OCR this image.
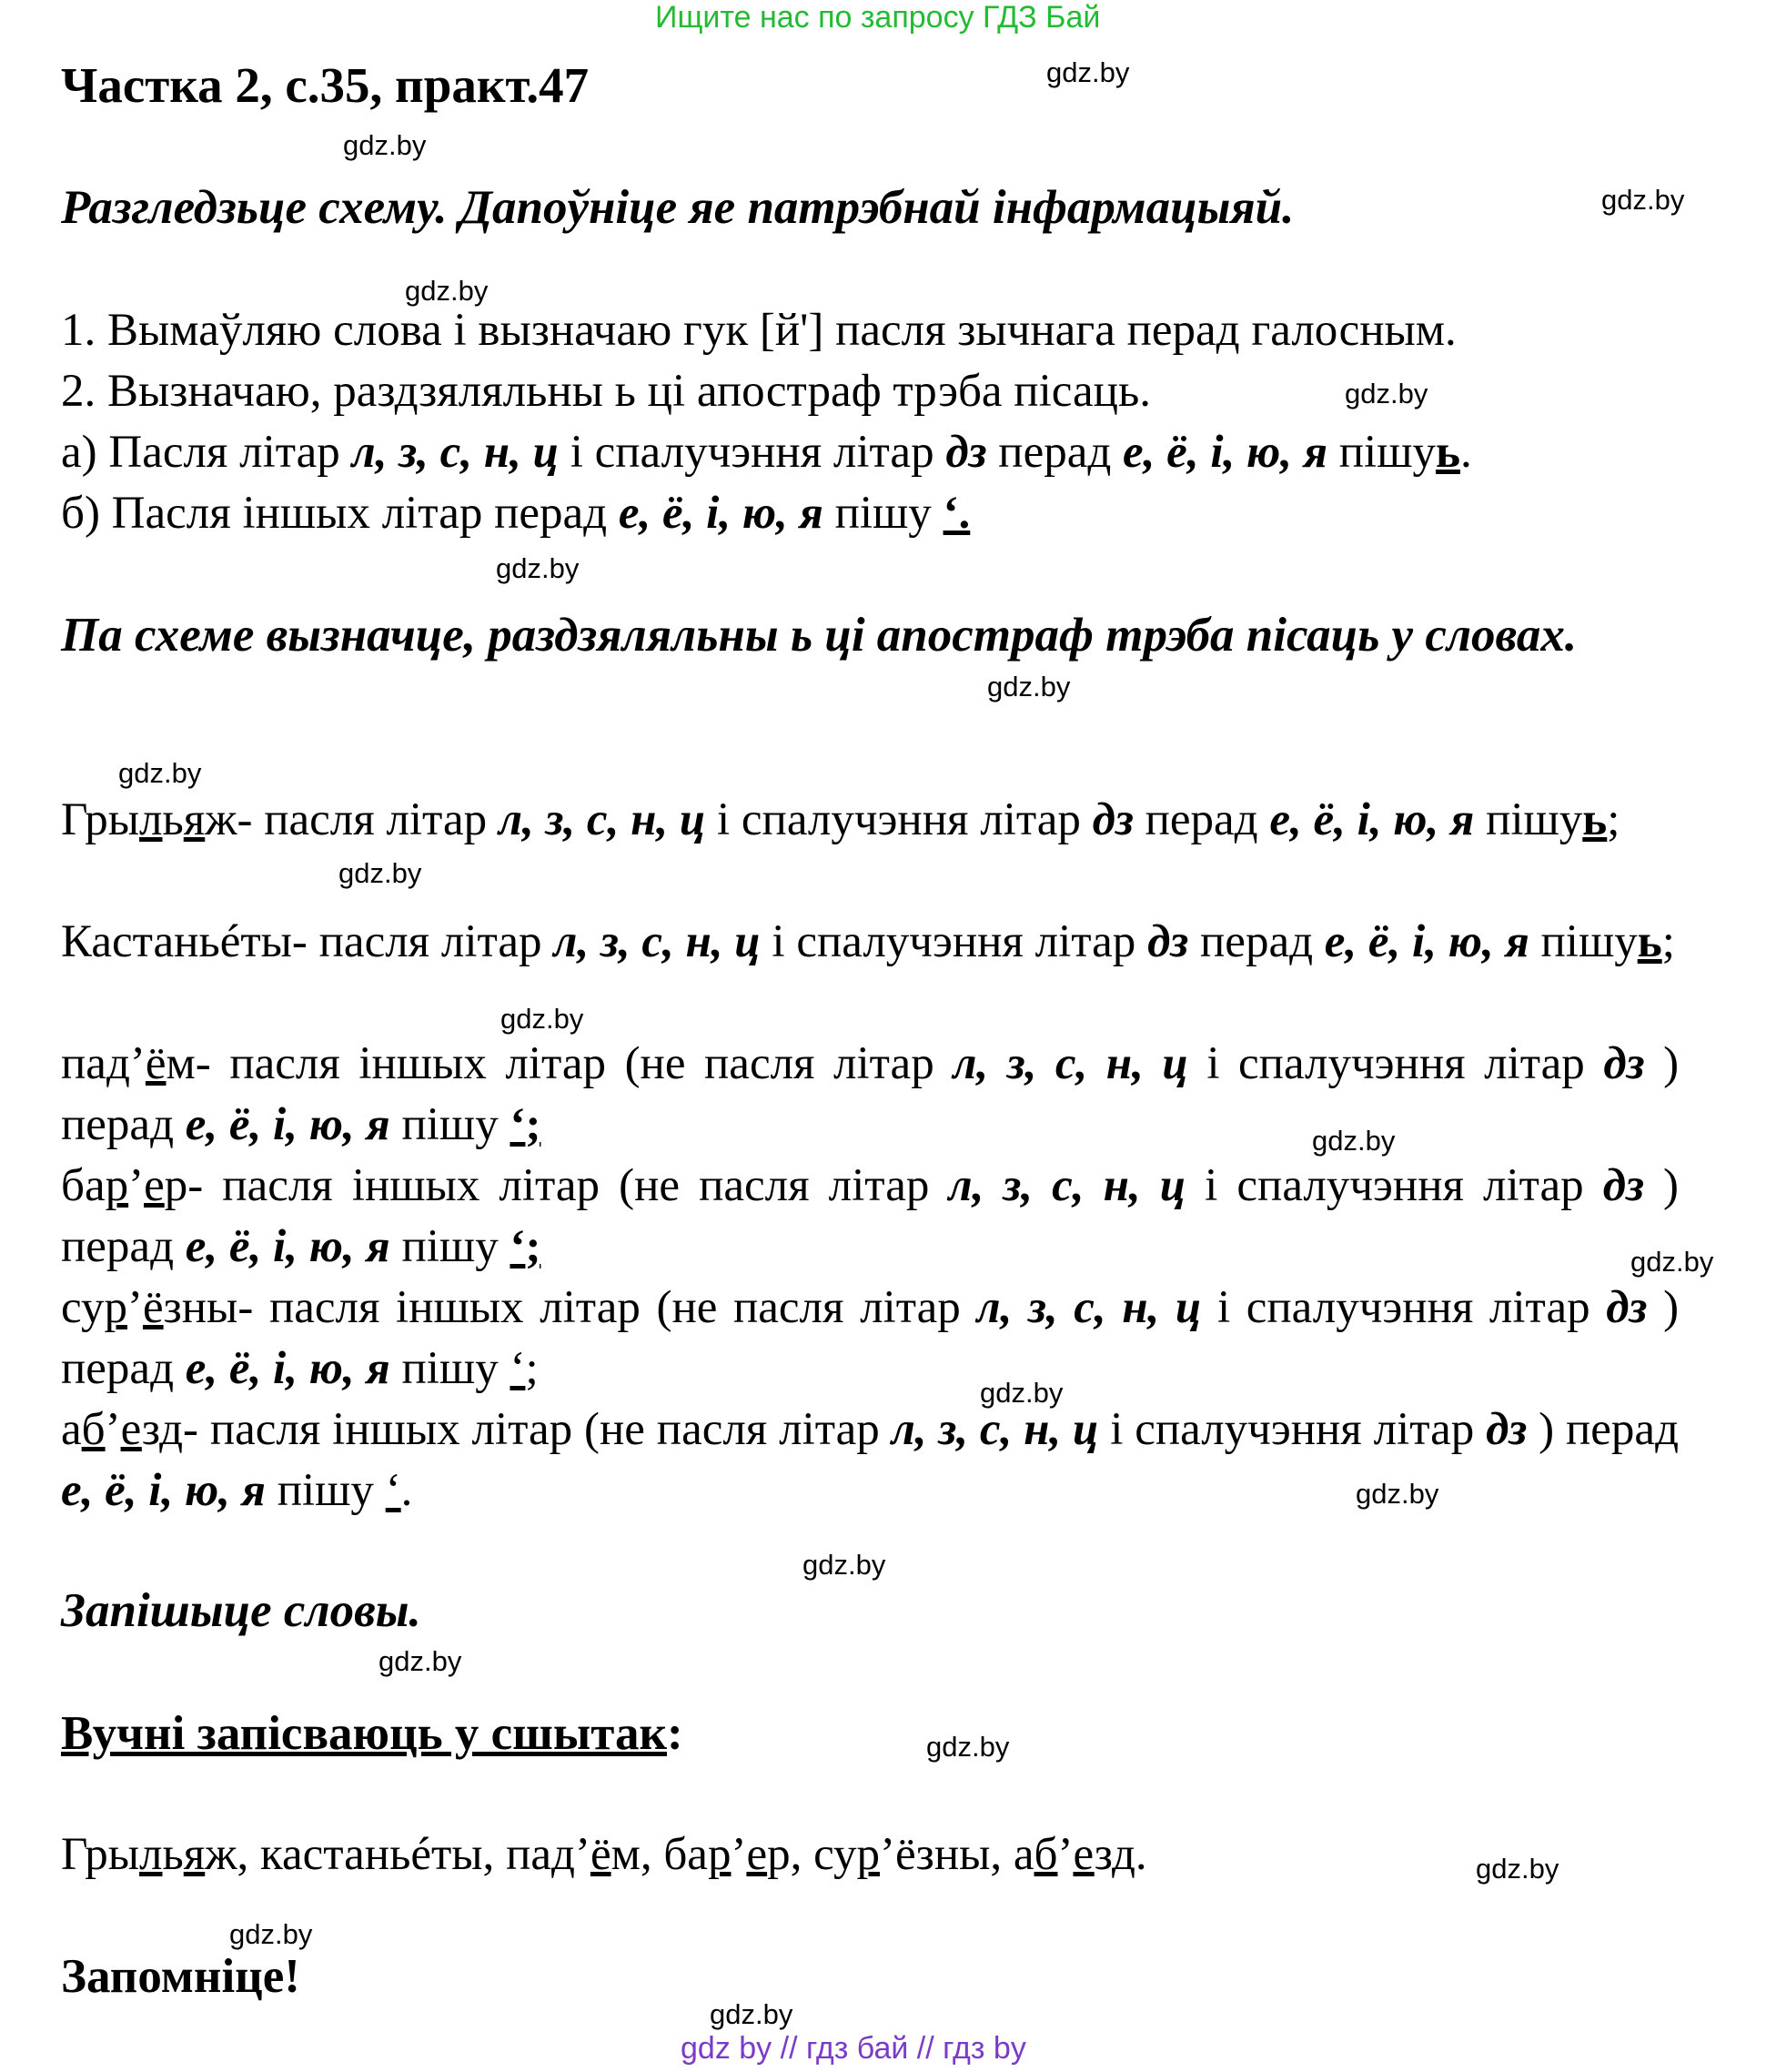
Ищите нас по запросу ГДЗ Бай
Частка 2, с.35, практ.47	gdz.by
gdz.by
gdz.by
gdz.by
gdz.by
gdz.by
gdz.by
gdz.by
gdz.by
gdz.by
gdz.by
gdz.by
gdz.by
gdz.by
gdz.by
gdz.by
gdz.by
gdz.by
gdz.by
gdz.by
Разгледзьце схему. Дапоўніце яе патрэбнай інфармацыяй.
1. Вымаўляю слова і вызначаю гук [й'] пасля зычнага перад галосным.
2. Вызначаю, раздзяляльны ь ці апостраф трэба пісаць.
а) Пасля літар л, з, с, н, ц і спалучэння літар дз перад е, ё, і, ю, я пішуь.
б) Пасля іншых літар перад е, ё, і, ю, я пішу ‘.
Па схеме вызначце, раздзяляльны ь ці апостраф трэба пісаць у словах.
Грыльяж- пасля літар л, з, с, н, ц і спалучэння літар дз перад е, ё, і, ю, я пішуь;
Кастаньéты- пасля літар л, з, с, н, ц і спалучэння літар дз перад е, ё, і, ю, я пішуь;
пад’ём- пасля іншых літар (не пасля літар л, з, с, н, ц і спалучэння літар дз ) перад е, ё, і, ю, я пішу ‘;
бар’ер- пасля іншых літар (не пасля літар л, з, с, н, ц і спалучэння літар дз ) перад е, ё, і, ю, я пішу ‘;
сур’ёзны- пасля іншых літар (не пасля літар л, з, с, н, ц і спалучэння літар дз ) перад е, ё, і, ю, я пішу ‘;
аб’езд- пасля іншых літар (не пасля літар л, з, с, н, ц і спалучэння літар дз ) перад е, ё, і, ю, я пішу ‘.
Запішыце словы.
Вучні запісваюць у сшытак:
Грыльяж, кастаньéты, пад’ём, бар’ер, сур’ёзны, аб’езд.
Запомніце!
gdz by // гдз бай // гдз by
